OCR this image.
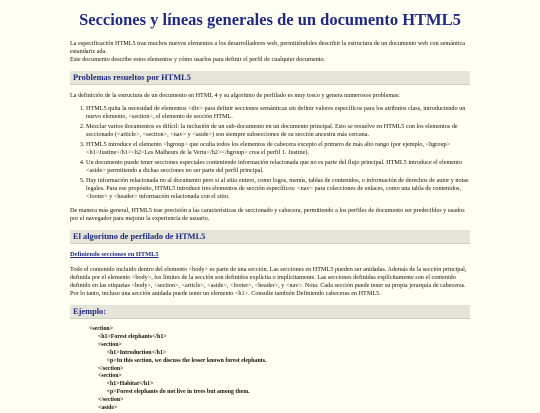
Secciones y líneas generales de un documento HTML5

La especificación HTML5 trae muchos nuevos elementos a los desarrolladores web, permitiéndoles describir la estructura de un documento web con semántica estandariz ada.

Este documento describe estos elementos y cómo usarlos para definir el perfil de cualquier documento.

Problemas resueltos por HTML5

La definición de la estructura de un documento en HTML 4 y su algoritmo de perfilado es muy tosco y genera numerosos problemas:

1. HTML5 quita la necesidad de elementos <div> para definir secciones semánticas sin definir valores específicos para los atributos class, introduciendo un nuevo elemento, <section>, el elemento de sección HTML.
2. Mezclar varios documentos es difícil: la inclusión de un sub-documento en un documento principal. Esto se resuelve en HTML5 con los elementos de seccionado (<article>, <section>, <nav> y <aside>) son siempre subsecciones de su sección ancestra más cercana.
3. HTML5 introduce el elemento <hgroup> que oculta todos los elementos de cabecera excepto el primero de más alto rango (por ejemplo, <hgroup><h1>Justine</h1><h2>Les Malheurs de la Vertu</h2></hgroup> crea el perfil 1. Justine).
4. Un documento puede tener secciones especiales conteniendo información relacionada que no es parte del flujo principal. HTML5 introduce el elemento <aside> permitiendo a dichas secciones no ser parte del perfil principal.
5. Hay información relacionada no al documento pero si al sitio entero, como logos, menús, tablas de contenidos, o información de derechos de autor y notas legales. Para ese propósito, HTML5 introduce tres elementos de sección específicos: <nav> para colecciones de enlaces, como una tabla de contenidos, <footer> y <header> información relacionada con el sitio.

De manera más general, HTML5 trae precisión a las características de seccionado y cabecera, permitiendo a los perfiles de documento ser predecibles y usados por el navegador para mejorar la experiencia de usuario.

El algoritmo de perfilado de HTML5
Definiendo secciones en HTML5

Todo el contenido incluido dentro del elemento <body> es parte de una sección. Las secciones en HTML5 pueden ser anidadas. Además de la sección principal, definida por el elemento <body>, los límites de la sección son definidos explícita o implícitamente. Las secciones definidas explícitamente son el contenido definido en las etiquetas <body>, <section>, <article>, <aside>, <footer>, <header>, y <nav>. Nota: Cada sección puede tener su propia jerarquía de cabeceras. Por lo tanto, incluso una sección anidada puede tener un elemento <h1>. Consulte también Definiendo cabeceras en HTML5.

Ejemplo:
<section>
<h1>Forest elephants</h1>
<section>
<h1>Introduction</h1>
<p>In this section, we discuss the lesser known forest elephants.
</section>
<section>
<h1>Habitat</h1>
<p>Forest elephants do not live in trees but among them.
</section>
<aside>
